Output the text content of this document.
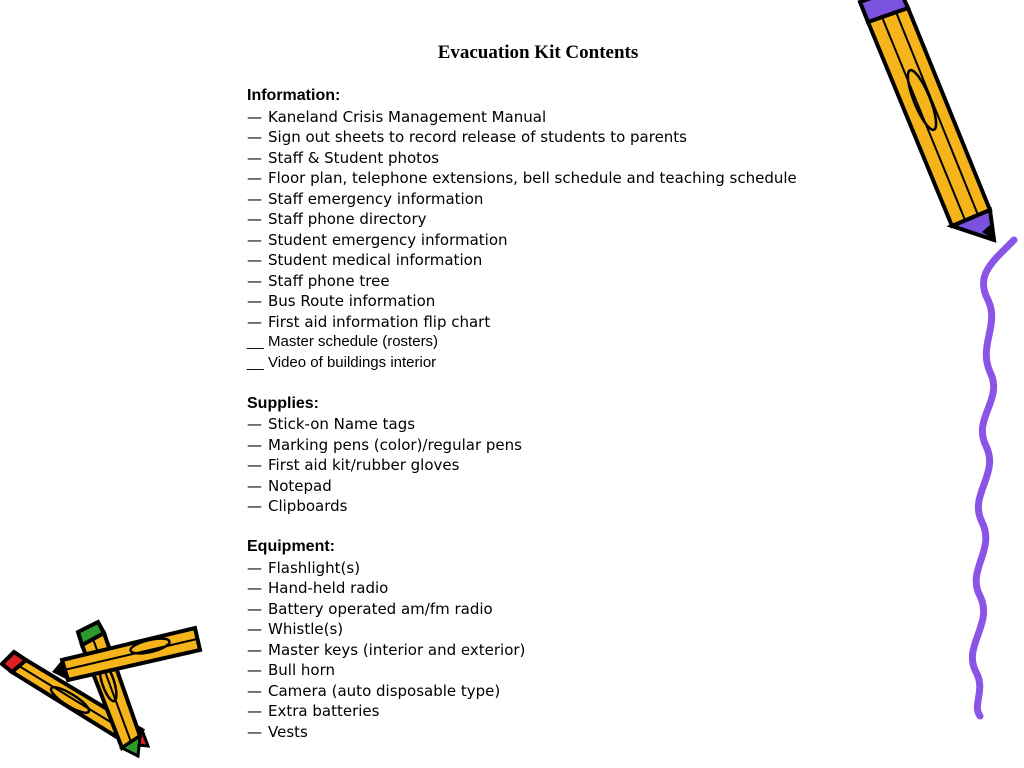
Evacuation Kit Contents
Information:
— Kaneland Crisis Management Manual
— Sign out sheets to record release of students to parents
— Staff & Student photos
— Floor plan, telephone extensions, bell schedule and teaching schedule
— Staff emergency information
— Staff phone directory
— Student emergency information
— Student medical information
— Staff phone tree
— Bus Route information
— First aid information flip chart
__ Master schedule (rosters)
__ Video of buildings interior
Supplies:
— Stick-on Name tags
— Marking pens (color)/regular pens
— First aid kit/rubber gloves
— Notepad
— Clipboards
Equipment:
— Flashlight(s)
— Hand-held radio
— Battery operated am/fm radio
— Whistle(s)
— Master keys (interior and exterior)
— Bull horn
— Camera (auto disposable type)
— Extra batteries
— Vests
